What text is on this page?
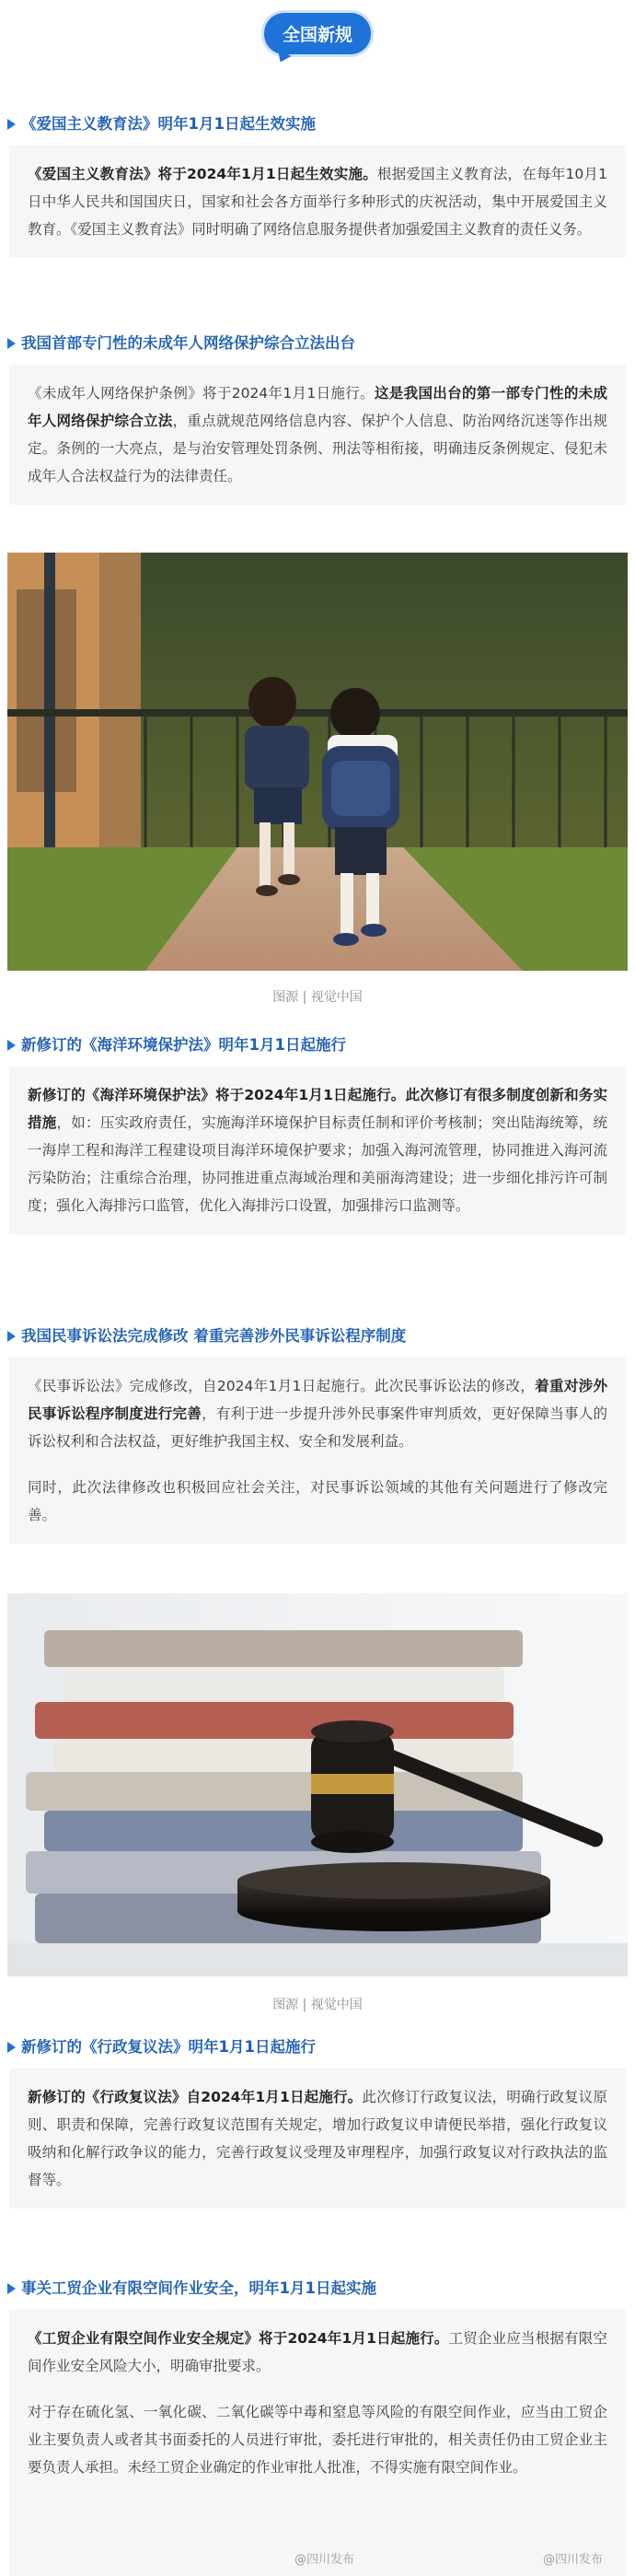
全国新规
《爱国主义教育法》明年1月1日起生效实施

《爱国主义教育法》将于2024年1月1日起生效实施。根据爱国主义教育法，在每年10月1日中华人民共和国国庆日，国家和社会各方面举行多种形式的庆祝活动，集中开展爱国主义教育。《爱国主义教育法》同时明确了网络信息服务提供者加强爱国主义教育的责任义务。

我国首部专门性的未成年人网络保护综合立法出台

《未成年人网络保护条例》将于2024年1月1日施行。这是我国出台的第一部专门性的未成年人网络保护综合立法，重点就规范网络信息内容、保护个人信息、防治网络沉迷等作出规定。条例的一大亮点，是与治安管理处罚条例、刑法等相衔接，明确违反条例规定、侵犯未成年人合法权益行为的法律责任。

图源 | 视觉中国
新修订的《海洋环境保护法》明年1月1日起施行

新修订的《海洋环境保护法》将于2024年1月1日起施行。此次修订有很多制度创新和务实措施，如：压实政府责任，实施海洋环境保护目标责任制和评价考核制；突出陆海统筹，统一海岸工程和海洋工程建设项目海洋环境保护要求；加强入海河流管理，协同推进入海河流污染防治；注重综合治理，协同推进重点海域治理和美丽海湾建设；进一步细化排污许可制度；强化入海排污口监管，优化入海排污口设置，加强排污口监测等。

我国民事诉讼法完成修改 着重完善涉外民事诉讼程序制度

《民事诉讼法》完成修改，自2024年1月1日起施行。此次民事诉讼法的修改，着重对涉外民事诉讼程序制度进行完善，有利于进一步提升涉外民事案件审判质效，更好保障当事人的诉讼权利和合法权益，更好维护我国主权、安全和发展利益。

同时，此次法律修改也积极回应社会关注，对民事诉讼领域的其他有关问题进行了修改完善。

图源 | 视觉中国
新修订的《行政复议法》明年1月1日起施行

新修订的《行政复议法》自2024年1月1日起施行。此次修订行政复议法，明确行政复议原则、职责和保障，完善行政复议范围有关规定，增加行政复议申请便民举措，强化行政复议吸纳和化解行政争议的能力，完善行政复议受理及审理程序，加强行政复议对行政执法的监督等。

事关工贸企业有限空间作业安全，明年1月1日起实施

《工贸企业有限空间作业安全规定》将于2024年1月1日起施行。工贸企业应当根据有限空间作业安全风险大小，明确审批要求。

对于存在硫化氢、一氧化碳、二氧化碳等中毒和窒息等风险的有限空间作业，应当由工贸企业主要负责人或者其书面委托的人员进行审批，委托进行审批的，相关责任仍由工贸企业主要负责人承担。未经工贸企业确定的作业审批人批准，不得实施有限空间作业。

@四川发布	@四川发布
